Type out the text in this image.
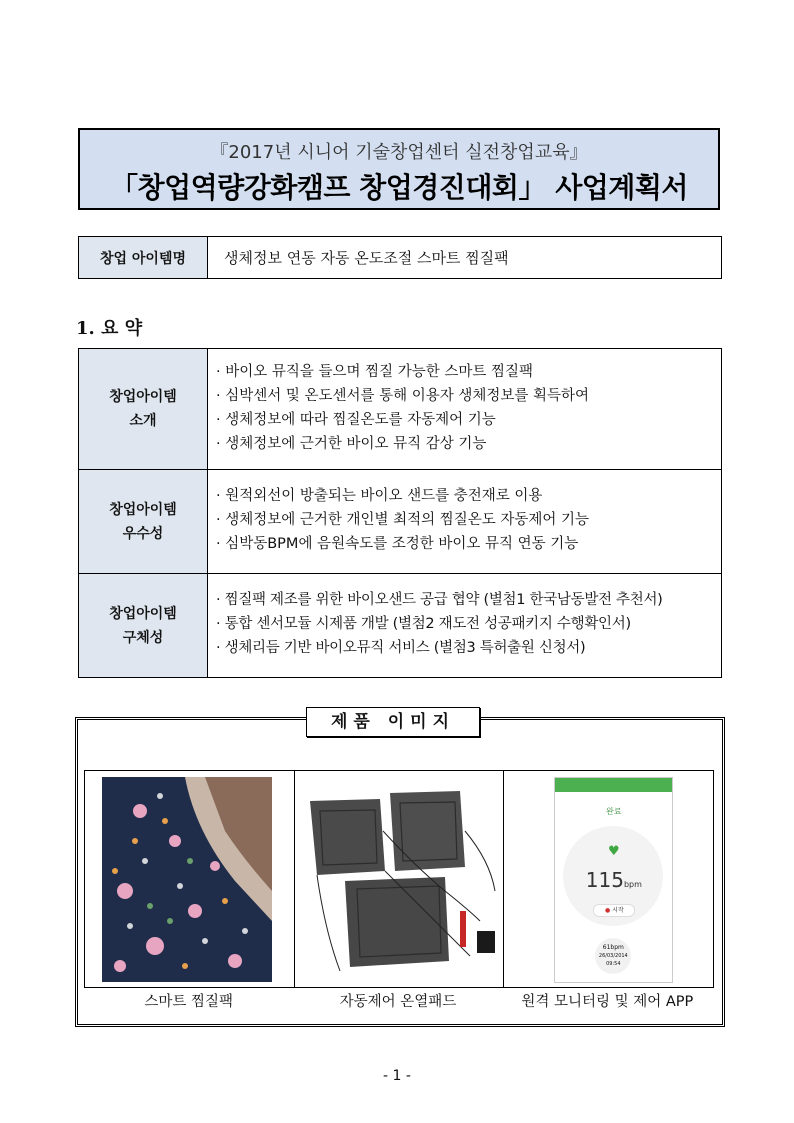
『2017년 시니어 기술창업센터 실전창업교육』
「창업역량강화캠프 창업경진대회」 사업계획서
창업 아이템명	생체정보 연동 자동 온도조절 스마트 찜질팩
1. 요 약
창업아이템
소개
· 바이오 뮤직을 들으며 찜질 가능한 스마트 찜질팩
· 심박센서 및 온도센서를 통해 이용자 생체정보를 획득하여
· 생체정보에 따라 찜질온도를 자동제어 기능
· 생체정보에 근거한 바이오 뮤직 감상 기능
창업아이템
우수성
· 원적외선이 방출되는 바이오 샌드를 충전재로 이용
· 생체정보에 근거한 개인별 최적의 찜질온도 자동제어 기능
· 심박동BPM에 음원속도를 조정한 바이오 뮤직 연동 기능
창업아이템
구체성
· 찜질팩 제조를 위한 바이오샌드 공급 협약 (별첨1 한국남동발전 추천서)
· 통합 센서모듈 시제품 개발 (별첨2 재도전 성공패키지 수행확인서)
· 생체리듬 기반 바이오뮤직 서비스 (별첨3 특허출원 신청서)
제품 이미지
완료
♥
115bpm
● 시작
61bpm
26/03/2014
09:54
스마트 찜질팩	자동제어 온열패드	원격 모니터링 및 제어 APP
- 1 -
